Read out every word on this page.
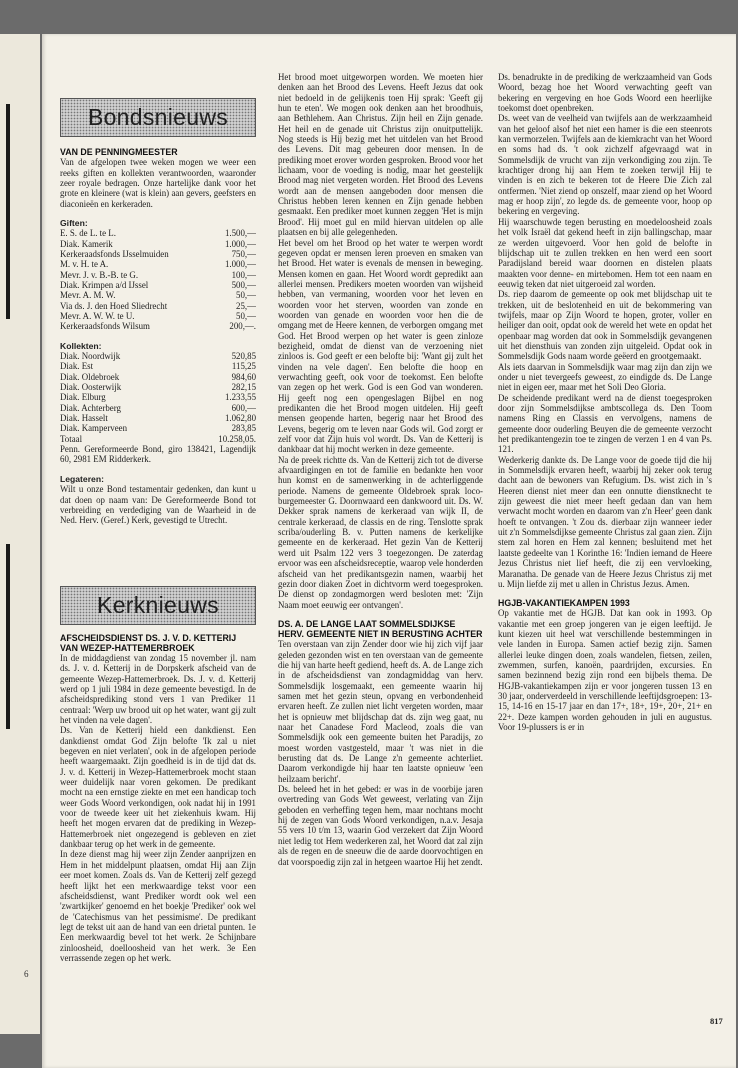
6
Bondsnieuws
VAN DE PENNINGMEESTER

Van de afgelopen twee weken mogen we weer een reeks giften en kollekten verantwoorden, waaronder zeer royale bedragen. Onze hartelijke dank voor het grote en kleinere (wat is klein) aan gevers, geefsters en diaconieën en kerkeraden.

Giften:
E. S. de L. te L.	1.500,—
Diak. Kamerik	1.000,—
Kerkeraadsfonds IJsselmuiden	750,—
M. v. H. te A.	1.000,—
Mevr. J. v. B.-B. te G.	100,—
Diak. Krimpen a/d IJssel	500,—
Mevr. A. M. W.	50,—
Via ds. J. den Hoed Sliedrecht	25,—
Mevr. A. W. W. te U.	50,—
Kerkeraadsfonds Wilsum	200,—.
Kollekten:
Diak. Noordwijk	520,85
Diak. Est	115,25
Diak. Oldebroek	984,60
Diak. Oosterwijk	282,15
Diak. Elburg	1.233,55
Diak. Achterberg	600,—
Diak. Hasselt	1.062,80
Diak. Kamperveen	283,85
Totaal	10.258,05.

Penn. Gereformeerde Bond, giro 138421, Lagendijk 60, 2981 EM Ridderkerk.

Legateren:

Wilt u onze Bond testamentair gedenken, dan kunt u dat doen op naam van: De Gereformeerde Bond tot verbreiding en verdediging van de Waarheid in de Ned. Herv. (Geref.) Kerk, gevestigd te Utrecht.

Kerknieuws
AFSCHEIDSDIENST DS. J. V. D. KETTERIJ VAN WEZEP-HATTEMERBROEK

In de middagdienst van zondag 15 november jl. nam ds. J. v. d. Ketterij in de Dorpskerk afscheid van de gemeente Wezep-Hattemerbroek. Ds. J. v. d. Ketterij werd op 1 juli 1984 in deze gemeente bevestigd. In de afscheidsprediking stond vers 1 van Prediker 11 centraal: 'Werp uw brood uit op het water, want gij zult het vinden na vele dagen'.

Ds. Van de Ketterij hield een dankdienst. Een dankdienst omdat God Zijn belofte 'Ik zal u niet begeven en niet verlaten', ook in de afgelopen periode heeft waargemaakt. Zijn goedheid is in de tijd dat ds. J. v. d. Ketterij in Wezep-Hattemerbroek mocht staan weer duidelijk naar voren gekomen. De predikant mocht na een ernstige ziekte en met een handicap toch weer Gods Woord verkondigen, ook nadat hij in 1991 voor de tweede keer uit het ziekenhuis kwam. Hij heeft het mogen ervaren dat de prediking in Wezep-Hattemerbroek niet ongezegend is gebleven en ziet dankbaar terug op het werk in de gemeente.

In deze dienst mag hij weer zijn Zender aanprijzen en Hem in het middelpunt plaatsen, omdat Hij aan Zijn eer moet komen. Zoals ds. Van de Ketterij zelf gezegd heeft lijkt het een merkwaardige tekst voor een afscheidsdienst, want Prediker wordt ook wel een 'zwartkijker' genoemd en het boekje 'Prediker' ook wel de 'Catechismus van het pessimisme'. De predikant legt de tekst uit aan de hand van een drietal punten. 1e Een merkwaardig bevel tot het werk. 2e Schijnbare zinloosheid, doelloosheid van het werk. 3e Een verrassende zegen op het werk.

Het brood moet uitgeworpen worden. We moeten hier denken aan het Brood des Levens. Heeft Jezus dat ook niet bedoeld in de gelijkenis toen Hij sprak: 'Geeft gij hun te eten'. We mogen ook denken aan het broodhuis, aan Bethlehem. Aan Christus. Zijn heil en Zijn genade. Het heil en de genade uit Christus zijn onuitputtelijk. Nog steeds is Hij bezig met het uitdelen van het Brood des Levens. Dit mag gebeuren door mensen. In de prediking moet erover worden gesproken. Brood voor het lichaam, voor de voeding is nodig, maar het geestelijk Brood mag niet vergeten worden. Het Brood des Levens wordt aan de mensen aangeboden door mensen die Christus hebben leren kennen en Zijn genade hebben gesmaakt. Een prediker moet kunnen zeggen 'Het is mijn Brood'. Hij moet gul en mild hiervan uitdelen op alle plaatsen en bij alle gelegenheden.

Het bevel om het Brood op het water te werpen wordt gegeven opdat er mensen leren proeven en smaken van het Brood. Het water is evenals de mensen in beweging. Mensen komen en gaan. Het Woord wordt gepredikt aan allerlei mensen. Predikers moeten woorden van wijsheid hebben, van vermaning, woorden voor het leven en woorden voor het sterven, woorden van zonde en woorden van genade en woorden voor hen die de omgang met de Heere kennen, de verborgen omgang met God. Het Brood werpen op het water is geen zinloze bezigheid, omdat de dienst van de verzoening niet zinloos is. God geeft er een belofte bij: 'Want gij zult het vinden na vele dagen'. Een belofte die hoop en verwachting geeft, ook voor de toekomst. Een belofte van zegen op het werk. God is een God van wonderen. Hij geeft nog een opengeslagen Bijbel en nog predikanten die het Brood mogen uitdelen. Hij geeft mensen geopende harten, begerig naar het Brood des Levens, begerig om te leven naar Gods wil. God zorgt er zelf voor dat Zijn huis vol wordt. Ds. Van de Ketterij is dankbaar dat hij mocht werken in deze gemeente.

Na de preek richtte ds. Van de Ketterij zich tot de diverse afvaardigingen en tot de familie en bedankte hen voor hun komst en de samenwerking in de achterliggende periode. Namens de gemeente Oldebroek sprak loco-burgemeester G. Doornwaard een dankwoord uit. Ds. W. Dekker sprak namens de kerkeraad van wijk II, de centrale kerkeraad, de classis en de ring. Tenslotte sprak scriba/ouderling B. v. Putten namens de kerkelijke gemeente en de kerkeraad. Het gezin Van de Ketterij werd uit Psalm 122 vers 3 toegezongen. De zaterdag ervoor was een afscheidsreceptie, waarop vele honderden afscheid van het predikantsgezin namen, waarbij het gezin door diaken Zoet in dichtvorm werd toegesproken. De dienst op zondagmorgen werd besloten met: 'Zijn Naam moet eeuwig eer ontvangen'.

DS. A. DE LANGE LAAT SOMMELSDIJKSE HERV. GEMEENTE NIET IN BERUSTING ACHTER

Ten overstaan van zijn Zender door wie hij zich vijf jaar geleden gezonden wist en ten overstaan van de gemeente die hij van harte heeft gediend, heeft ds. A. de Lange zich in de afscheidsdienst van zondagmiddag van herv. Sommelsdijk losgemaakt, een gemeente waarin hij samen met het gezin steun, opvang en verbondenheid ervaren heeft. Ze zullen niet licht vergeten worden, maar het is opnieuw met blijdschap dat ds. zijn weg gaat, nu naar het Canadese Ford Macleod, zoals die van Sommelsdijk ook een gemeente buiten het Paradijs, zo moest worden vastgesteld, maar 't was niet in die berusting dat ds. De Lange z'n gemeente achterliet. Daarom verkondigde hij haar ten laatste opnieuw 'een heilzaam bericht'.

Ds. beleed het in het gebed: er was in de voorbije jaren overtreding van Gods Wet geweest, verlating van Zijn geboden en verheffing tegen hem, maar nochtans mocht hij de zegen van Gods Woord verkondigen, n.a.v. Jesaja 55 vers 10 t/m 13, waarin God verzekert dat Zijn Woord niet ledig tot Hem wederkeren zal, het Woord dat zal zijn als de regen en de sneeuw die de aarde doorvochtigen en dat voorspoedig zijn zal in hetgeen waartoe Hij het zendt.

Ds. benadrukte in de prediking de werkzaamheid van Gods Woord, bezag hoe het Woord verwachting geeft van bekering en vergeving en hoe Gods Woord een heerlijke toekomst doet openbreken.

Ds. weet van de veelheid van twijfels aan de werkzaamheid van het geloof alsof het niet een hamer is die een steenrots kan vermorzelen. Twijfels aan de kiemkracht van het Woord en soms had ds. 't ook zichzelf afgevraagd wat in Sommelsdijk de vrucht van zijn verkondiging zou zijn. Te krachtiger drong hij aan Hem te zoeken terwijl Hij te vinden is en zich te bekeren tot de Heere Die Zich zal ontfermen. 'Niet ziend op onszelf, maar ziend op het Woord mag er hoop zijn', zo legde ds. de gemeente voor, hoop op bekering en vergeving.

Hij waarschuwde tegen berusting en moedeloosheid zoals het volk Israël dat gekend heeft in zijn ballingschap, maar ze werden uitgevoerd. Voor hen gold de belofte in blijdschap uit te zullen trekken en hen werd een soort Paradijsland bereid waar doornen en distelen plaats maakten voor denne- en mirtebomen. Hem tot een naam en eeuwig teken dat niet uitgeroeid zal worden.

Ds. riep daarom de gemeente op ook met blijdschap uit te trekken, uit de beslotenheid en uit de bekommering van twijfels, maar op Zijn Woord te hopen, groter, voller en heiliger dan ooit, opdat ook de wereld het wete en opdat het openbaar mag worden dat ook in Sommelsdijk gevangenen uit het diensthuis van zonden zijn uitgeleid. Opdat ook in Sommelsdijk Gods naam worde geëerd en grootgemaakt.

Als iets daarvan in Sommelsdijk waar mag zijn dan zijn we onder u niet tevergeefs geweest, zo eindigde ds. De Lange niet in eigen eer, maar met het Soli Deo Gloria.

De scheidende predikant werd na de dienst toegesproken door zijn Sommelsdijkse ambtscollega ds. Den Toom namens Ring en Classis en vervolgens, namens de gemeente door ouderling Beuyen die de gemeente verzocht het predikantengezin toe te zingen de verzen 1 en 4 van Ps. 121.

Wederkerig dankte ds. De Lange voor de goede tijd die hij in Sommelsdijk ervaren heeft, waarbij hij zeker ook terug dacht aan de bewoners van Refugium. Ds. wist zich in 's Heeren dienst niet meer dan een onnutte dienstknecht te zijn geweest die niet meer heeft gedaan dan van hem verwacht mocht worden en daarom van z'n Heer' geen dank hoeft te ontvangen. 't Zou ds. dierbaar zijn wanneer ieder uit z'n Sommelsdijkse gemeente Christus zal gaan zien. Zijn stem zal horen en Hem zal kennen; besluitend met het laatste gedeelte van 1 Korinthe 16: 'Indien iemand de Heere Jezus Christus niet lief heeft, die zij een vervloeking, Maranatha. De genade van de Heere Jezus Christus zij met u. Mijn liefde zij met u allen in Christus Jezus. Amen.

HGJB-VAKANTIEKAMPEN 1993

Op vakantie met de HGJB. Dat kan ook in 1993. Op vakantie met een groep jongeren van je eigen leeftijd. Je kunt kiezen uit heel wat verschillende bestemmingen in vele landen in Europa. Samen actief bezig zijn. Samen allerlei leuke dingen doen, zoals wandelen, fietsen, zeilen, zwemmen, surfen, kanoën, paardrijden, excursies. En samen bezinnend bezig zijn rond een bijbels thema. De HGJB-vakantiekampen zijn er voor jongeren tussen 13 en 30 jaar, onderverdeeld in verschillende leeftijdsgroepen: 13-15, 14-16 en 15-17 jaar en dan 17+, 18+, 19+, 20+, 21+ en 22+. Deze kampen worden gehouden in juli en augustus. Voor 19-plussers is er in

817
